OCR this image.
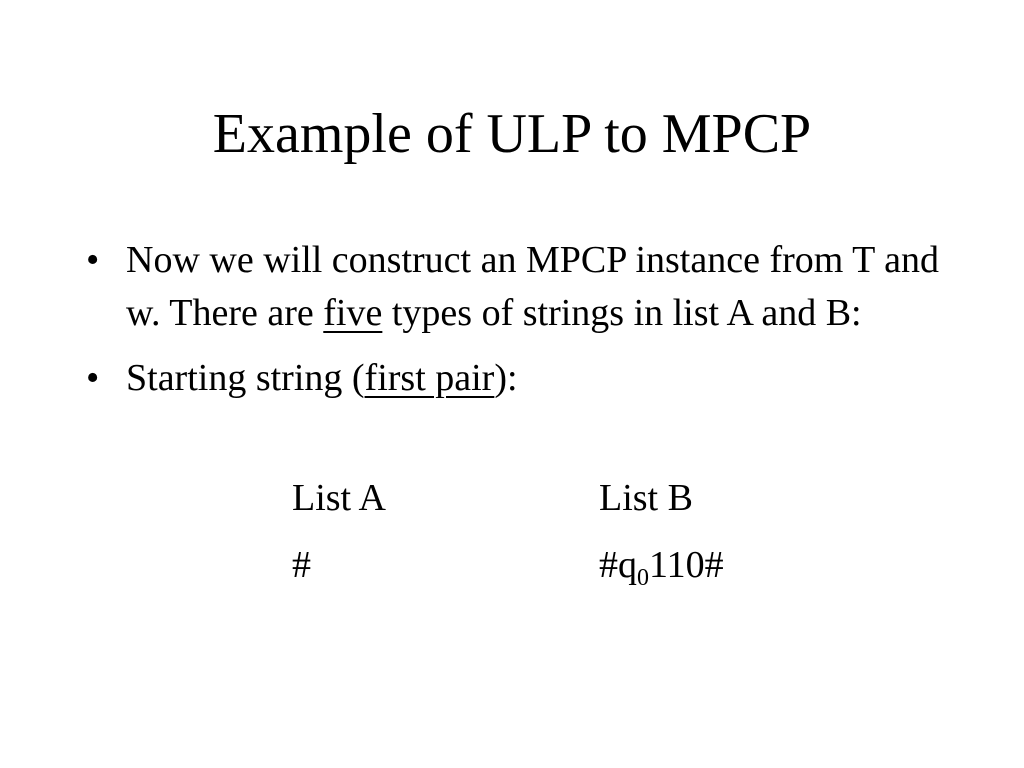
Example of ULP to MPCP
• Now we will construct an MPCP instance from T and w. There are five types of strings in list A and B:
• Starting string (first pair):
List A	List B
#	$\#q_0110\#$
